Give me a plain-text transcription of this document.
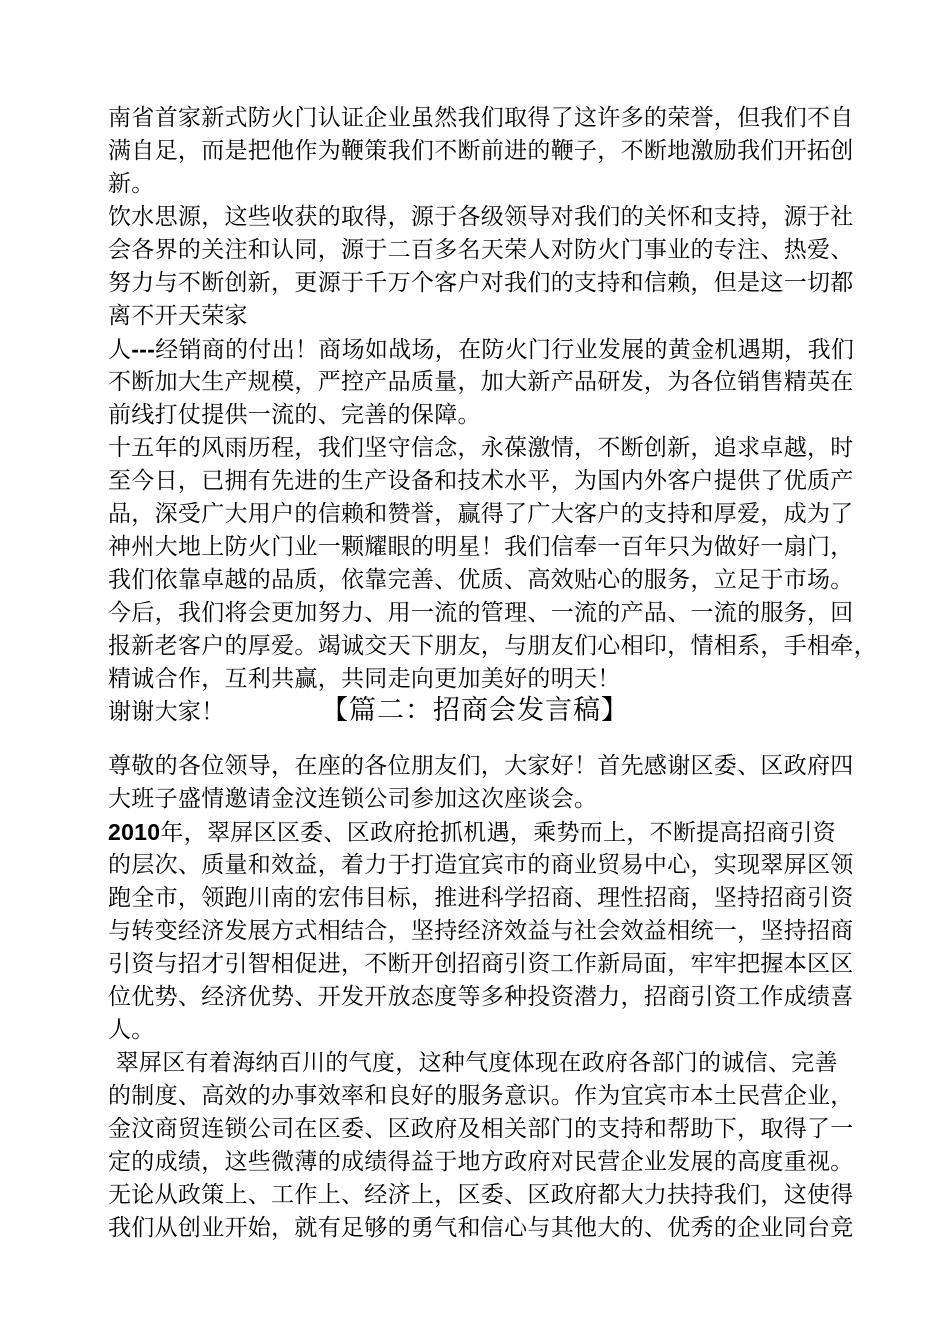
南省首家新式防火门认证企业虽然我们取得了这许多的荣誉，但我们不自
满自足，而是把他作为鞭策我们不断前进的鞭子，不断地激励我们开拓创
新。
饮水思源，这些收获的取得，源于各级领导对我们的关怀和支持，源于社
会各界的关注和认同，源于二百多名天荣人对防火门事业的专注、热爱、
努力与不断创新，更源于千万个客户对我们的支持和信赖，但是这一切都
离不开天荣家
人---经销商的付出！商场如战场，在防火门行业发展的黄金机遇期，我们
不断加大生产规模，严控产品质量，加大新产品研发，为各位销售精英在
前线打仗提供一流的、完善的保障。
十五年的风雨历程，我们坚守信念，永葆激情，不断创新，追求卓越，时
至今日，已拥有先进的生产设备和技术水平，为国内外客户提供了优质产
品，深受广大用户的信赖和赞誉，赢得了广大客户的支持和厚爱，成为了
神州大地上防火门业一颗耀眼的明星！我们信奉一百年只为做好一扇门，
我们依靠卓越的品质，依靠完善、优质、高效贴心的服务，立足于市场。
今后，我们将会更加努力、用一流的管理、一流的产品、一流的服务，回
报新老客户的厚爱。竭诚交天下朋友，与朋友们心相印，情相系，手相牵，
精诚合作，互利共赢，共同走向更加美好的明天！
谢谢大家！	【篇二：招商会发言稿】
尊敬的各位领导，在座的各位朋友们，大家好！首先感谢区委、区政府四
大班子盛情邀请金汶连锁公司参加这次座谈会。
2010年，翠屏区区委、区政府抢抓机遇，乘势而上，不断提高招商引资
的层次、质量和效益，着力于打造宜宾市的商业贸易中心，实现翠屏区领
跑全市，领跑川南的宏伟目标，推进科学招商、理性招商，坚持招商引资
与转变经济发展方式相结合，坚持经济效益与社会效益相统一，坚持招商
引资与招才引智相促进，不断开创招商引资工作新局面，牢牢把握本区区
位优势、经济优势、开发开放态度等多种投资潜力，招商引资工作成绩喜
人。
翠屏区有着海纳百川的气度，这种气度体现在政府各部门的诚信、完善
的制度、高效的办事效率和良好的服务意识。作为宜宾市本土民营企业，
金汶商贸连锁公司在区委、区政府及相关部门的支持和帮助下，取得了一
定的成绩，这些微薄的成绩得益于地方政府对民营企业发展的高度重视。
无论从政策上、工作上、经济上，区委、区政府都大力扶持我们，这使得
我们从创业开始，就有足够的勇气和信心与其他大的、优秀的企业同台竞
